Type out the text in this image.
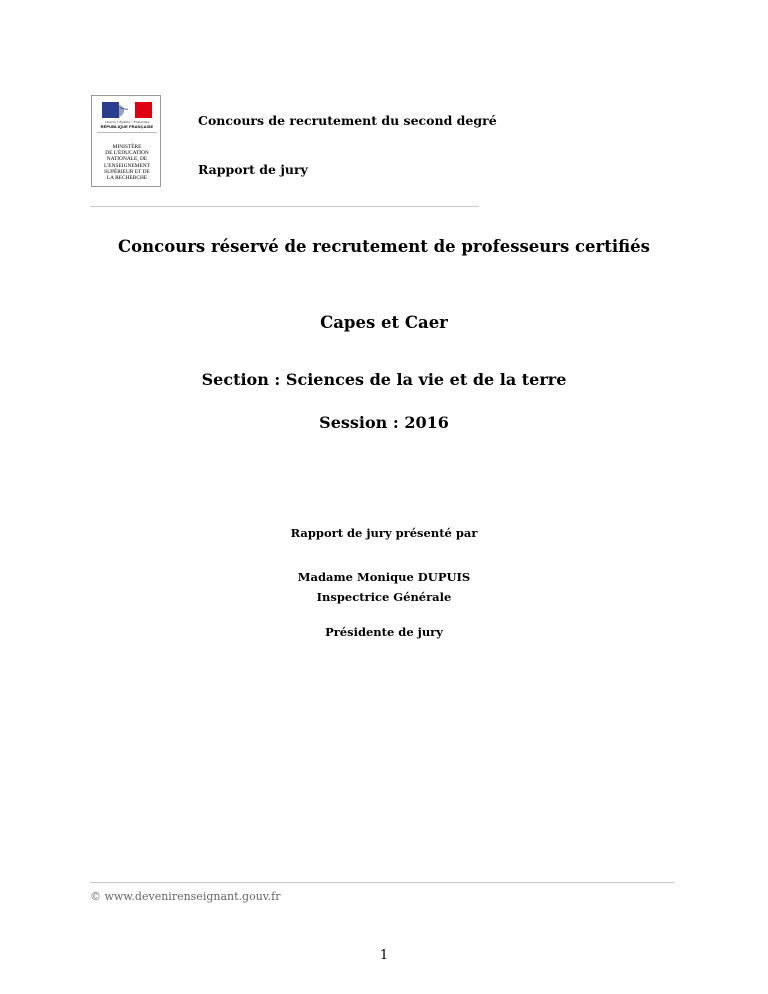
Liberté • Égalité • Fraternité
RÉPUBLIQUE FRANÇAISE
MINISTÈRE
DE L'ÉDUCATION
NATIONALE, DE
L'ENSEIGNEMENT
SUPÉRIEUR ET DE
LA RECHERCHE
Concours de recrutement du second degré
Rapport de jury
Concours réservé de recrutement de professeurs certifiés
Capes et Caer
Section : Sciences de la vie et de la terre
Session : 2016
Rapport de jury présenté par
Madame Monique DUPUIS
Inspectrice Générale
Présidente de jury
© www.devenirenseignant.gouv.fr
1
